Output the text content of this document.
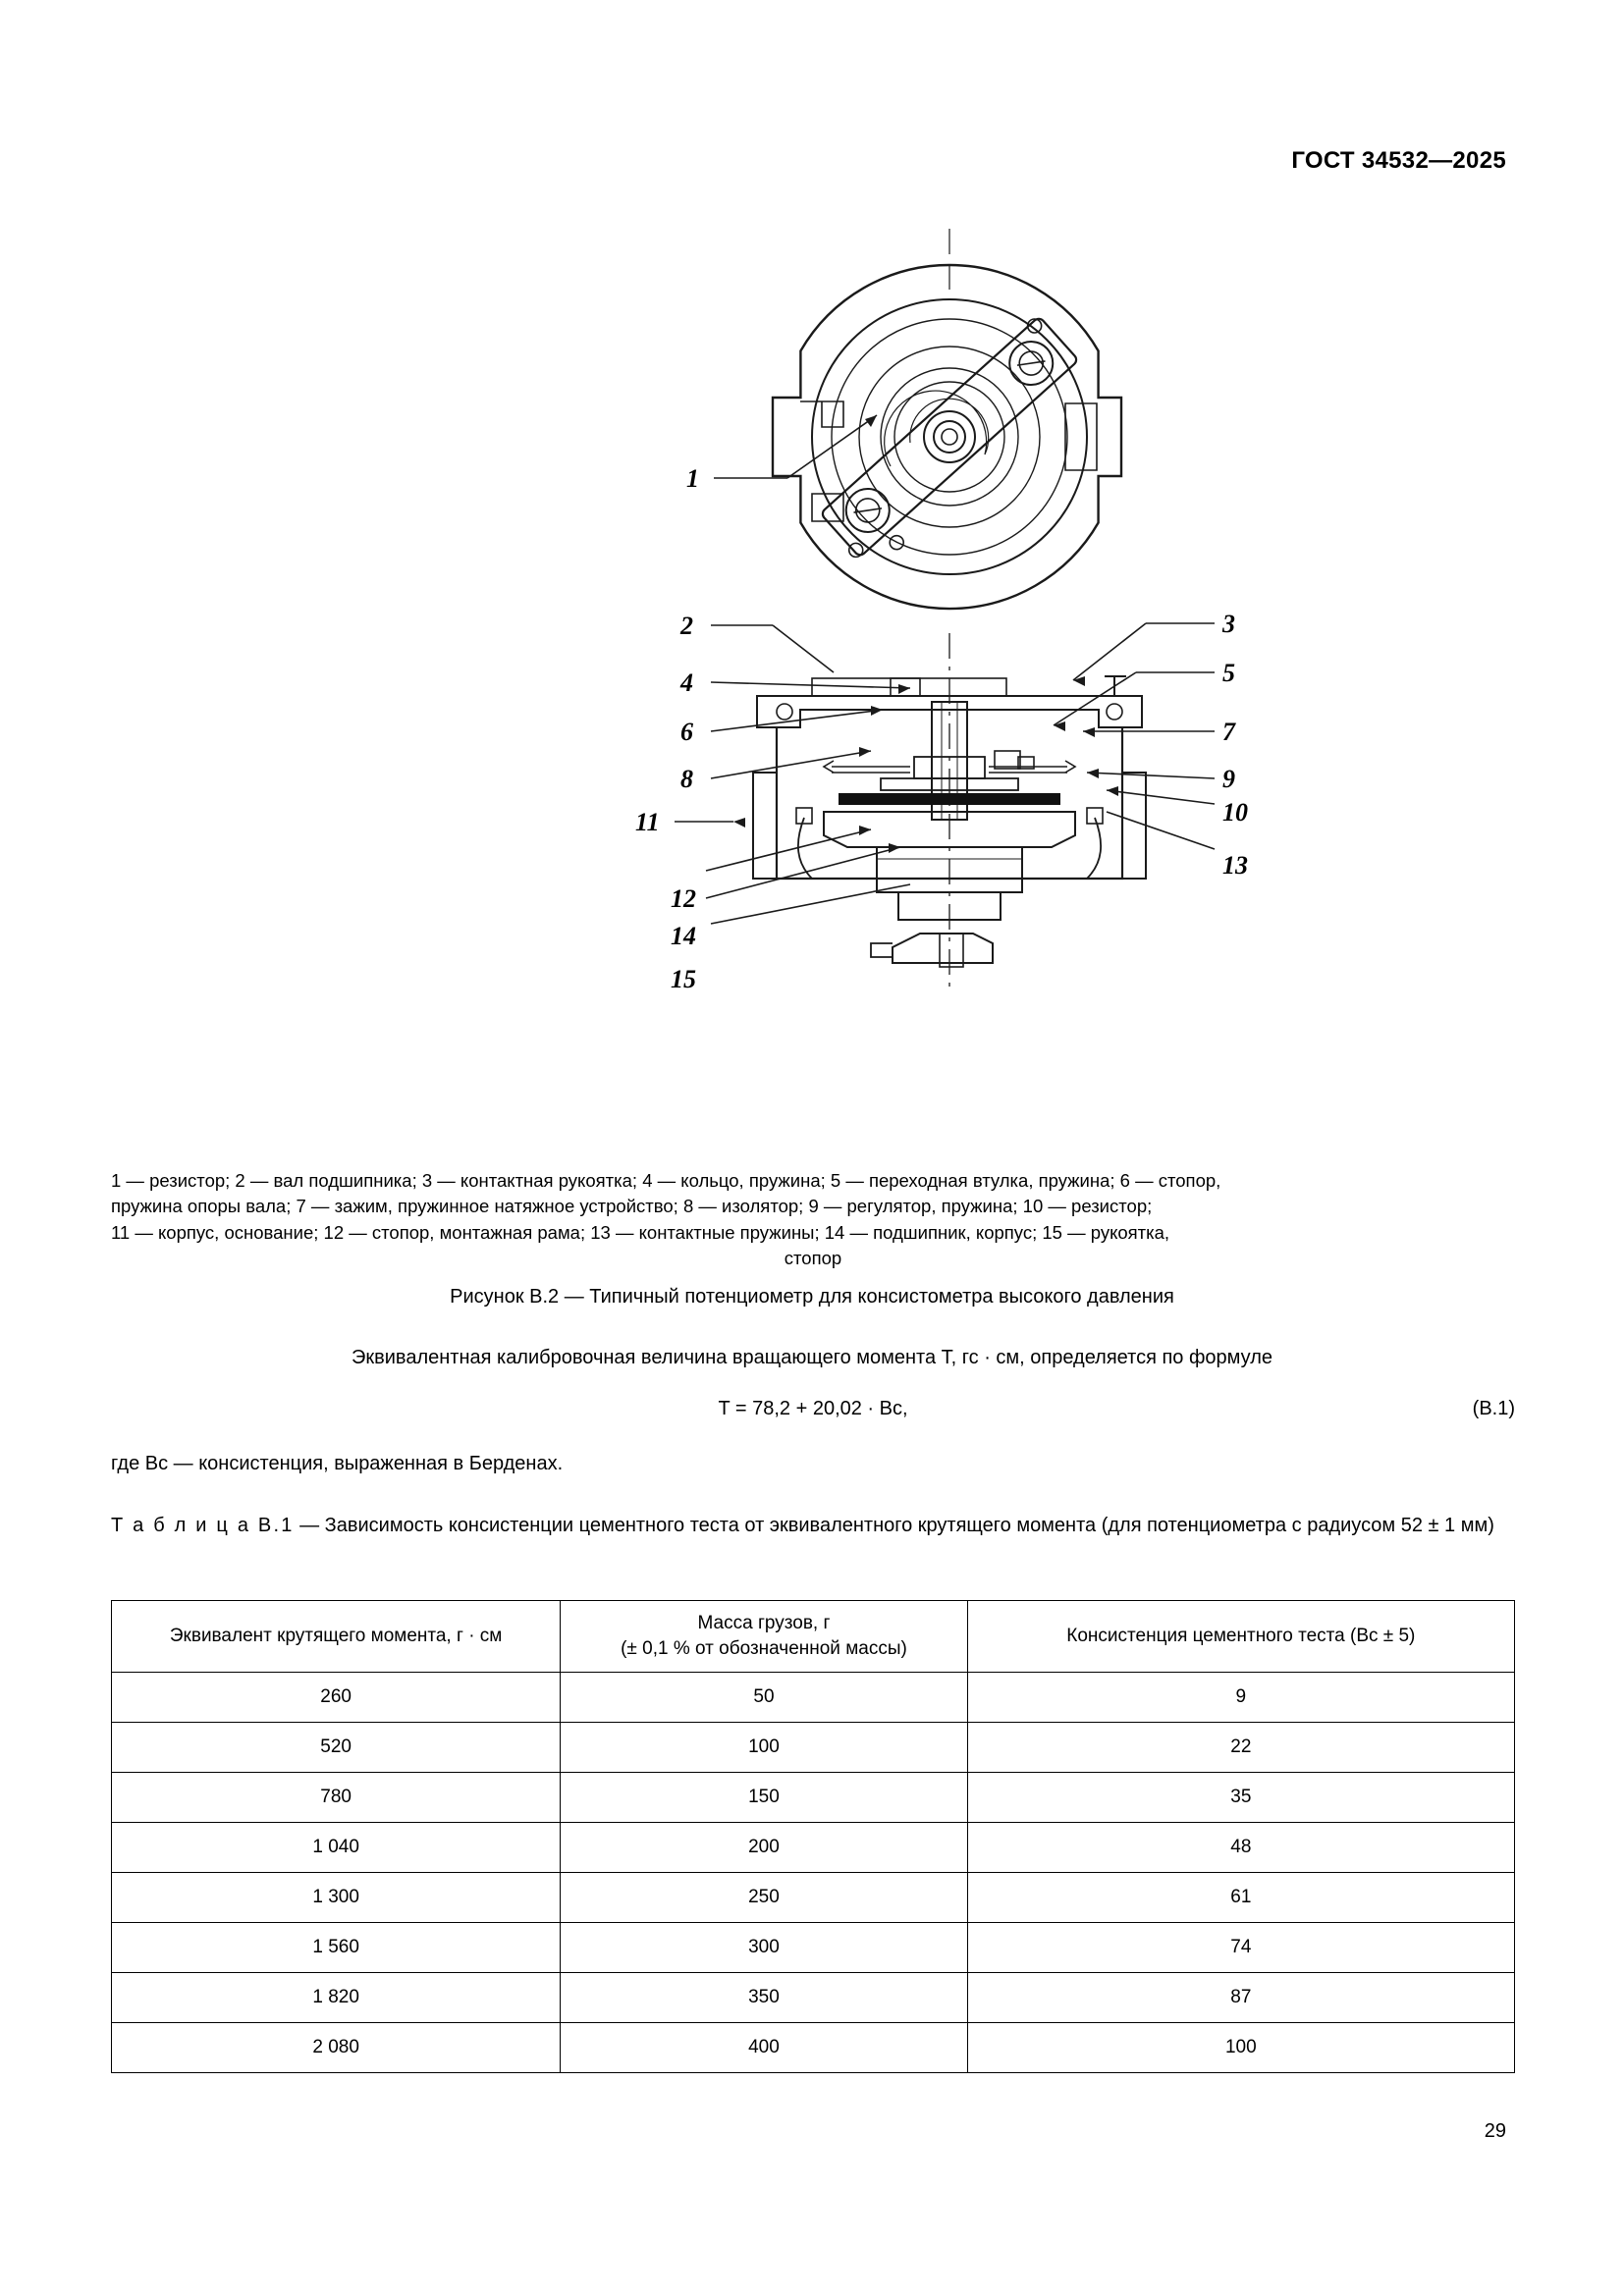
ГОСТ 34532—2025
1
2
4
6
8
11
12
14
15
3
5
7
9
10
13
1 — резистор; 2 — вал подшипника; 3 — контактная рукоятка; 4 — кольцо, пружина; 5 — переходная втулка, пружина; 6 — стопор,
пружина опоры вала; 7 — зажим, пружинное натяжное устройство; 8 — изолятор; 9 — регулятор, пружина; 10 — резистор;
11 — корпус, основание; 12 — стопор, монтажная рама; 13 — контактные пружины; 14 — подшипник, корпус; 15 — рукоятка,
стопор
Рисунок В.2 — Типичный потенциометр для консистометра высокого давления
Эквивалентная калибровочная величина вращающего момента T, гс · см, определяется по формуле
T = 78,2 + 20,02 · Вс,	(В.1)
где Вс — консистенция, выраженная в Берденах.
Т а б л и ц а В.1 — Зависимость консистенции цементного теста от эквивалентного крутящего момента (для потенциометра с радиусом 52 ± 1 мм)
Эквивалент крутящего момента, г · см	Масса грузов, г
(± 0,1 % от обозначенной массы)	Консистенция цементного теста (Вс ± 5)
260	50	9
520	100	22
780	150	35
1 040	200	48
1 300	250	61
1 560	300	74
1 820	350	87
2 080	400	100
29
